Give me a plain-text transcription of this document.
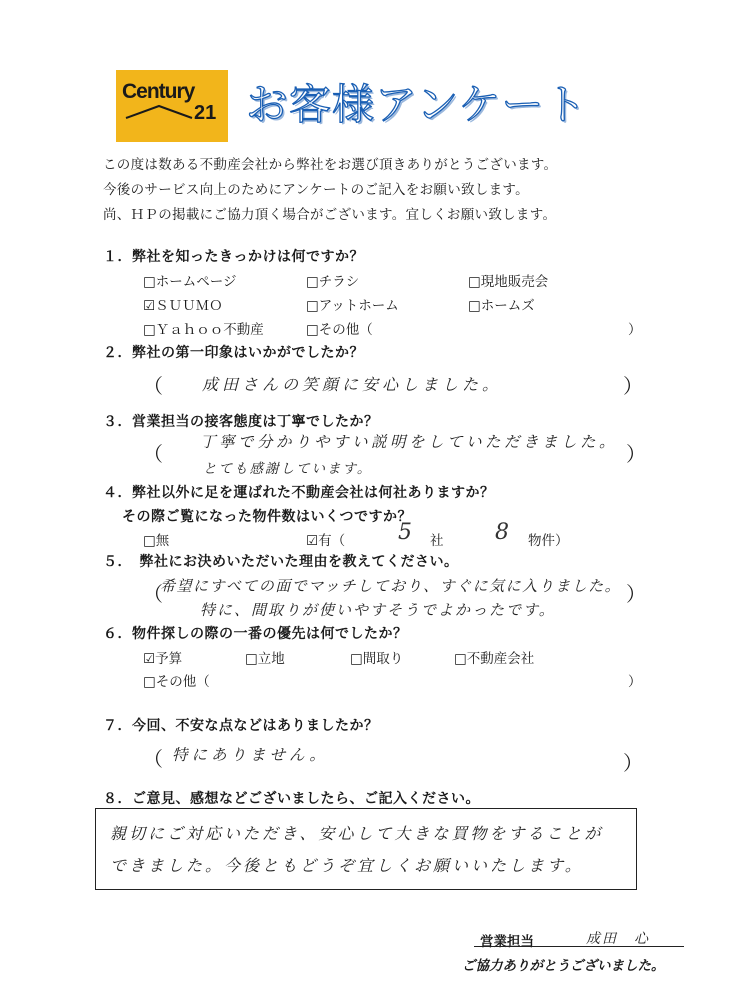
Century
21 お客様アンケート
この度は数ある不動産会社から弊社をお選び頂きありがとうございます。
今後のサービス向上のためにアンケートのご記入をお願い致します。
尚、ＨＰの掲載にご協力頂く場合がございます。宜しくお願い致します。
１．弊社を知ったきっかけは何ですか？
□ホームページ	□チラシ	□現地販売会
☑ＳＵＵＭＯ	□アットホーム	□ホームズ
□Ｙａｈｏｏ不動産	□その他（	）
２．弊社の第一印象はいかがでしたか？
（ 成田さんの笑顔に安心しました。	）
３．営業担当の接客態度は丁寧でしたか？
（ 丁寧で分かりやすい説明をしていただきました。
とても感謝しています。
）
４．弊社以外に足を運ばれた不動産会社は何社ありますか？
その際ご覧になった物件数はいくつですか？
□無	☑有（ 5 社 8 物件）
５．　弊社にお決めいただいた理由を教えてください。
（
希望にすべての面でマッチしており、すぐに気に入りました。
特に、間取りが使いやすそうでよかったです。
）
６．物件探しの際の一番の優先は何でしたか？
☑予算	□立地	□間取り	□不動産会社
□その他（	）
７．今回、不安な点などはありましたか？
（ 特にありません。	）
８．ご意見、感想などございましたら、ご記入ください。
親切にご対応いただき、安心して大きな買物をすることが
できました。今後ともどうぞ宜しくお願いいたします。
営業担当	成田　心
ご協力ありがとうございました。
